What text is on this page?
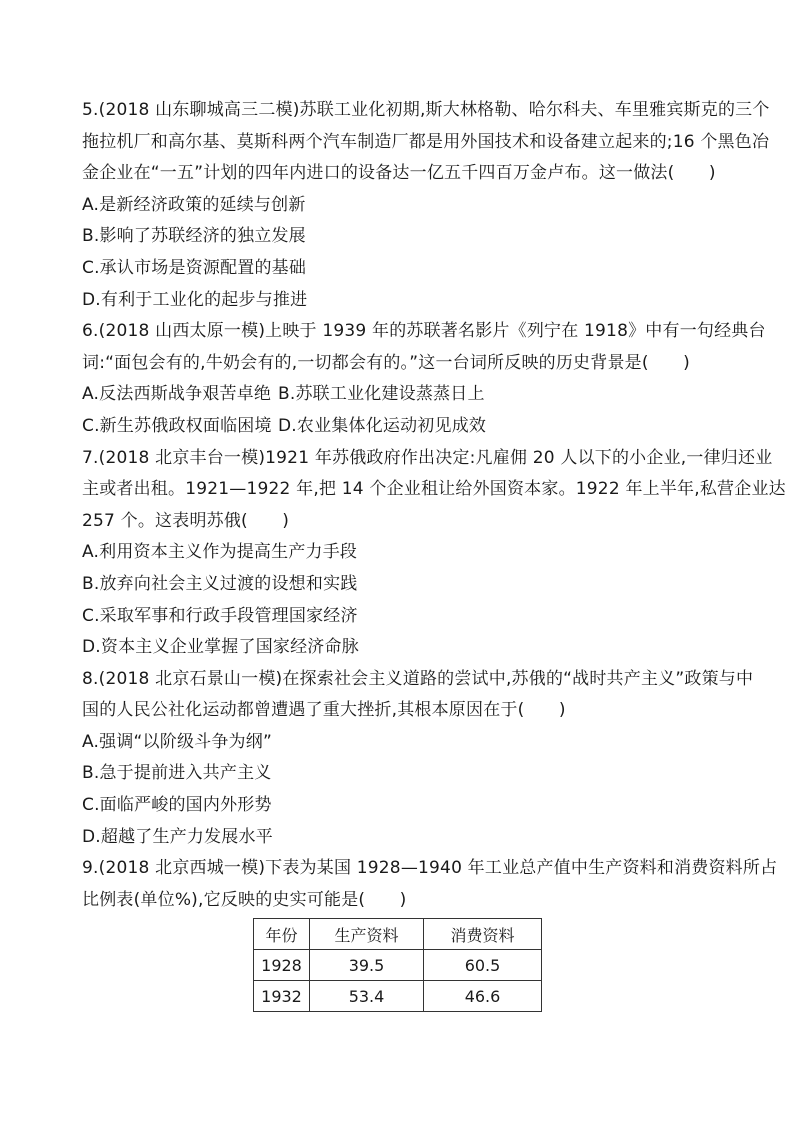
5.(2018 山东聊城高三二模)苏联工业化初期,斯大林格勒、哈尔科夫、车里雅宾斯克的三个
拖拉机厂和高尔基、莫斯科两个汽车制造厂都是用外国技术和设备建立起来的;16 个黑色冶
金企业在“一五”计划的四年内进口的设备达一亿五千四百万金卢布。这一做法(　　)
A.是新经济政策的延续与创新
B.影响了苏联经济的独立发展
C.承认市场是资源配置的基础
D.有利于工业化的起步与推进
6.(2018 山西太原一模)上映于 1939 年的苏联著名影片《列宁在 1918》中有一句经典台
词:“面包会有的,牛奶会有的,一切都会有的。”这一台词所反映的历史背景是(　　)
A.反法西斯战争艰苦卓绝 B.苏联工业化建设蒸蒸日上
C.新生苏俄政权面临困境 D.农业集体化运动初见成效
7.(2018 北京丰台一模)1921 年苏俄政府作出决定:凡雇佣 20 人以下的小企业,一律归还业
主或者出租。1921—1922 年,把 14 个企业租让给外国资本家。1922 年上半年,私营企业达
257 个。这表明苏俄(　　)
A.利用资本主义作为提高生产力手段
B.放弃向社会主义过渡的设想和实践
C.采取军事和行政手段管理国家经济
D.资本主义企业掌握了国家经济命脉
8.(2018 北京石景山一模)在探索社会主义道路的尝试中,苏俄的“战时共产主义”政策与中
国的人民公社化运动都曾遭遇了重大挫折,其根本原因在于(　　)
A.强调“以阶级斗争为纲”
B.急于提前进入共产主义
C.面临严峻的国内外形势
D.超越了生产力发展水平
9.(2018 北京西城一模)下表为某国 1928—1940 年工业总产值中生产资料和消费资料所占
比例表(单位%),它反映的史实可能是(　　)
年份	生产资料	消费资料
1928	39.5	60.5
1932	53.4	46.6
